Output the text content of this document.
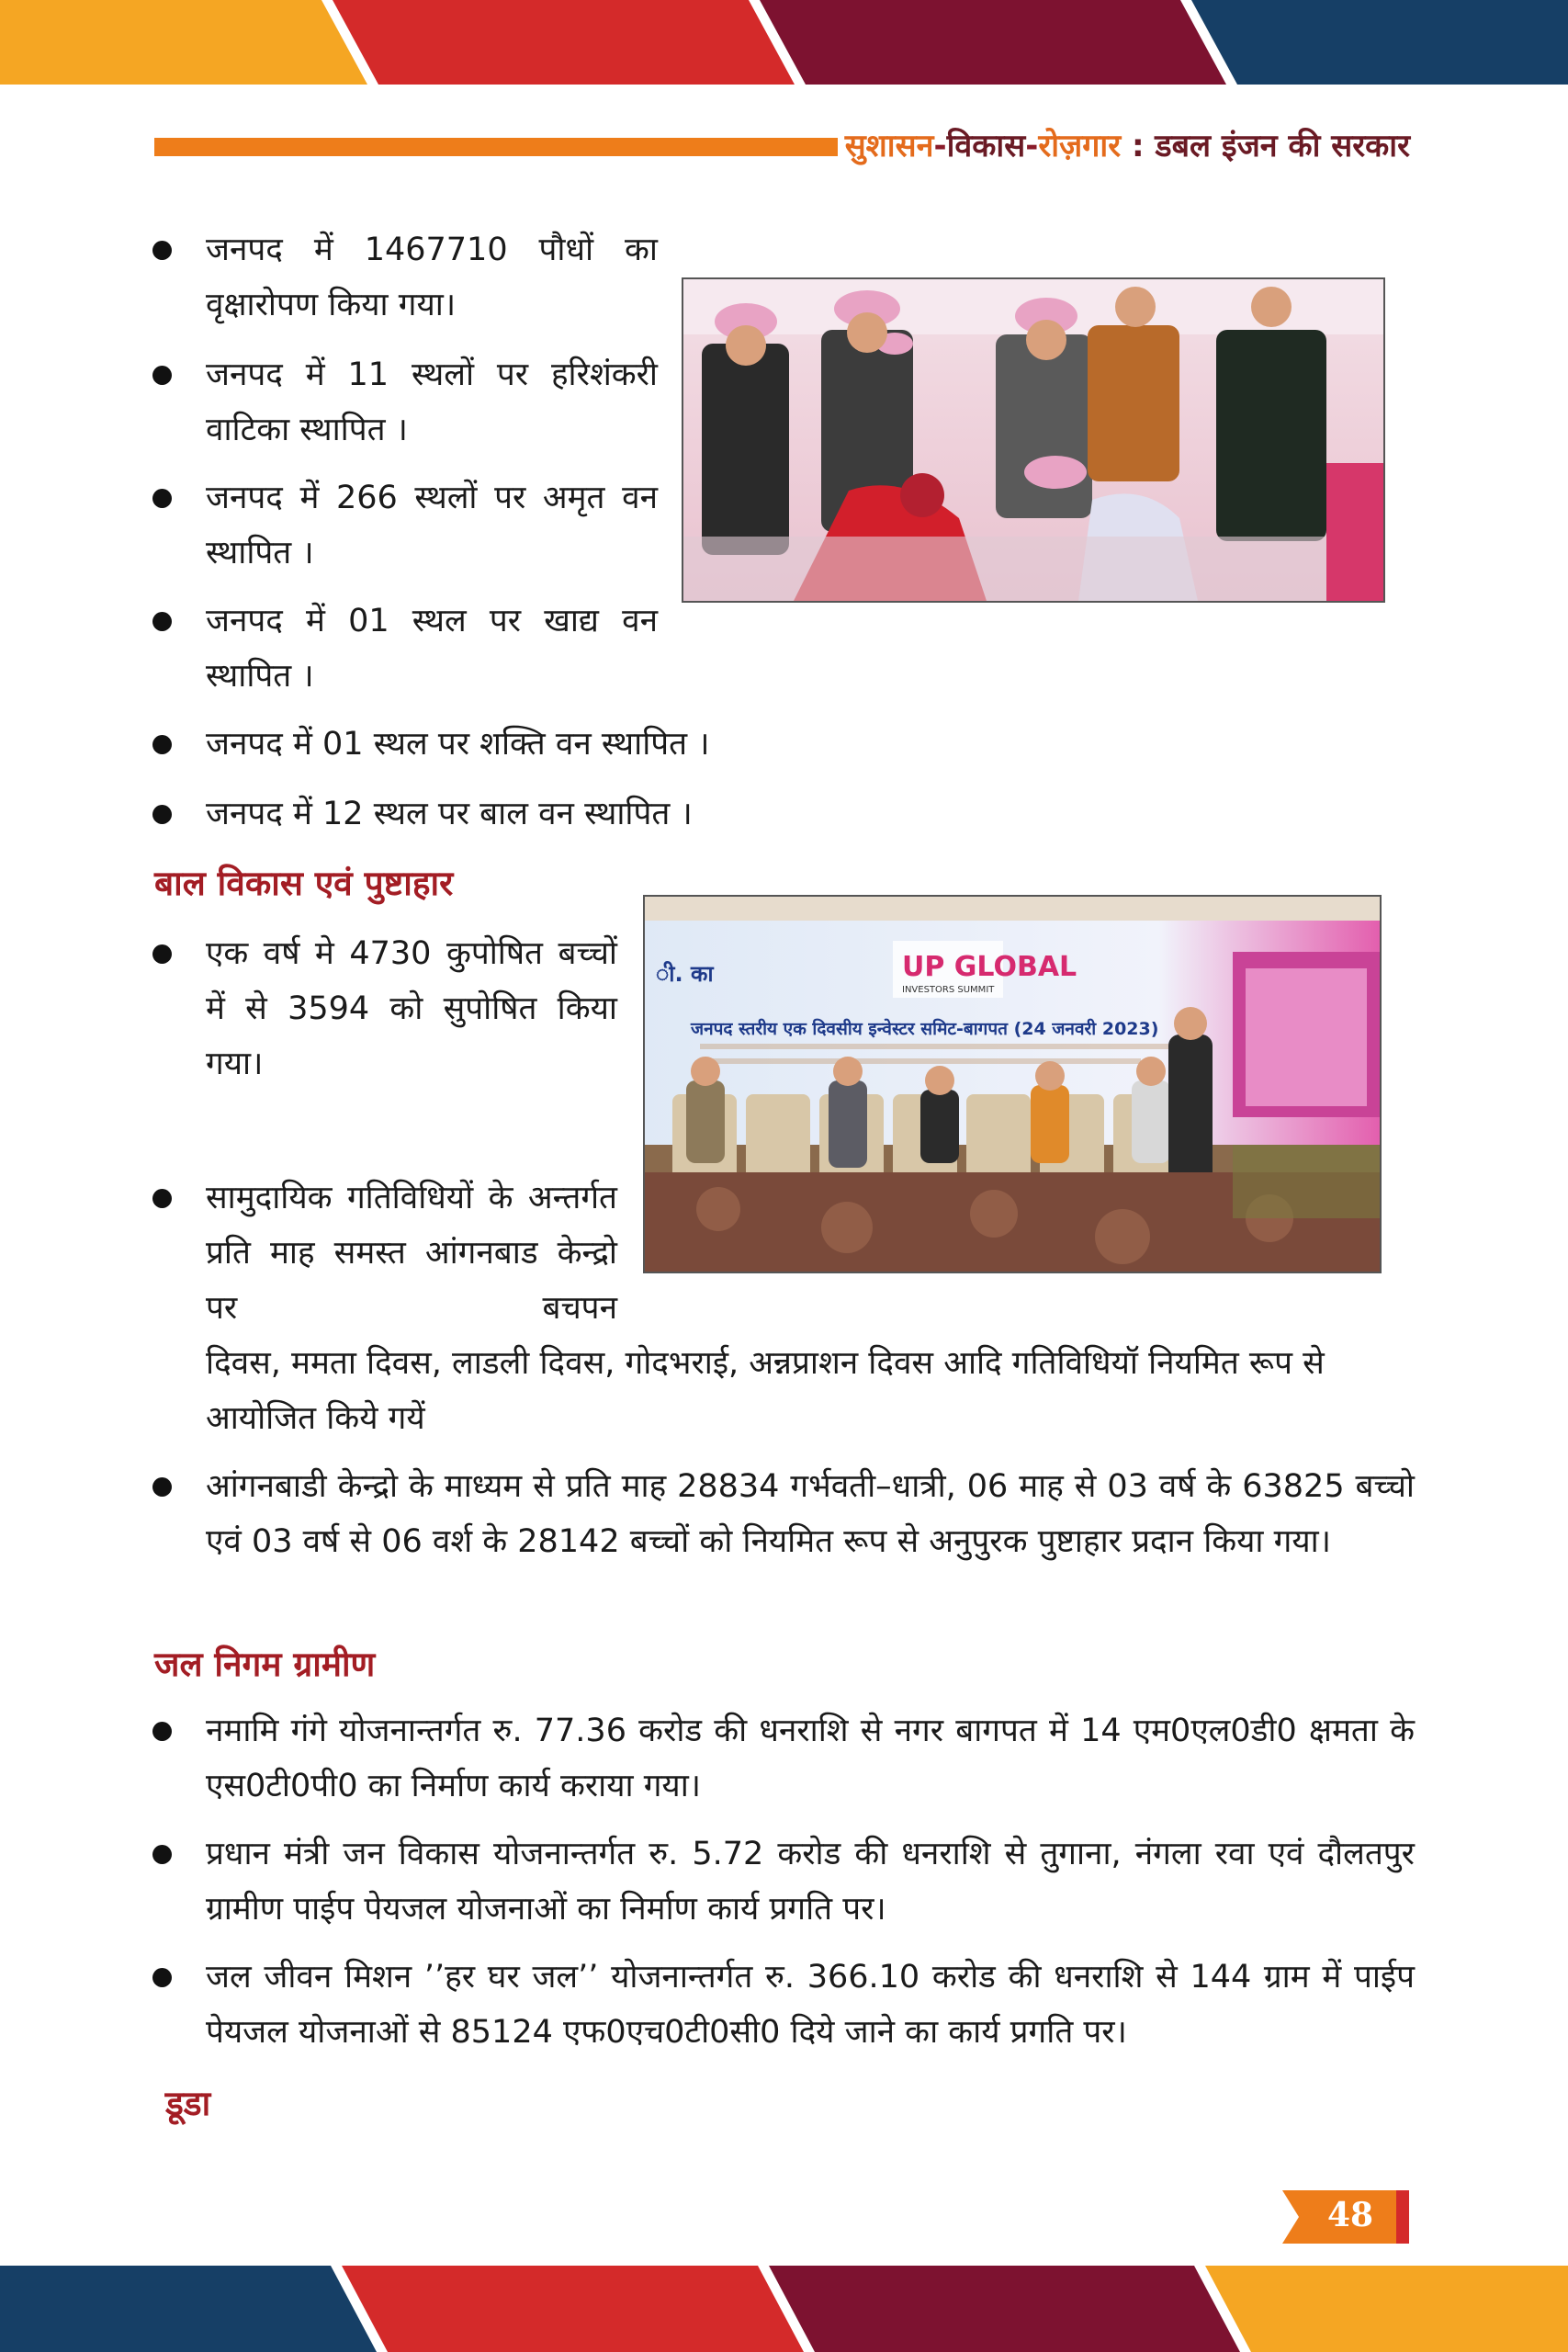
सुशासन-विकास-रोज़गार : डबल इंजन की सरकार
जनपद में 1467710 पौधों का वृक्षारोपण किया गया।
जनपद में 11 स्थलों पर हरिशंकरी वाटिका स्थापित ।
जनपद में 266 स्थलों पर अमृत वन स्थापित ।
जनपद में 01 स्थल पर खाद्य वन स्थापित ।
जनपद में 01 स्थल पर शक्ति वन स्थापित ।
जनपद में 12 स्थल पर बाल वन स्थापित ।
बाल विकास एवं पुष्टाहार
एक वर्ष मे 4730 कुपोषित बच्चों में से 3594 को सुपोषित किया गया।
सामुदायिक गतिविधियों के अन्तर्गत प्रति माह समस्त आंगनबाड केन्द्रो पर बचपन
दिवस, ममता दिवस, लाडली दिवस, गोदभराई, अन्नप्राशन दिवस आदि गतिविधियॉ नियमित रूप से आयोजित किये गयें
आंगनबाडी केन्द्रो के माध्यम से प्रति माह 28834 गर्भवती–धात्री, 06 माह से 03 वर्ष के 63825 बच्चो एवं 03 वर्ष से 06 वर्श के 28142 बच्चों को नियमित रूप से अनुपुरक पुष्टाहार प्रदान किया गया।
UP GLOBAL
INVESTORS SUMMIT
ी. का
जनपद स्तरीय एक दिवसीय इन्वेस्टर समिट-बागपत (24 जनवरी 2023)
जल निगम ग्रामीण
नमामि गंगे योजनान्तर्गत रु. 77.36 करोड की धनराशि से नगर बागपत में 14 एम0एल0डी0 क्षमता के एस0टी0पी0 का निर्माण कार्य कराया गया।
प्रधान मंत्री जन विकास योजनान्तर्गत रु. 5.72 करोड की धनराशि से तुगाना, नंगला रवा एवं दौलतपुर ग्रामीण पाईप पेयजल योजनाओं का निर्माण कार्य प्रगति पर।
जल जीवन मिशन ’’हर घर जल’’ योजनान्तर्गत रु. 366.10 करोड की धनराशि से 144 ग्राम में पाईप पेयजल योजनाओं से 85124 एफ0एच0टी0सी0 दिये जाने का कार्य प्रगति पर।
डूडा
48
